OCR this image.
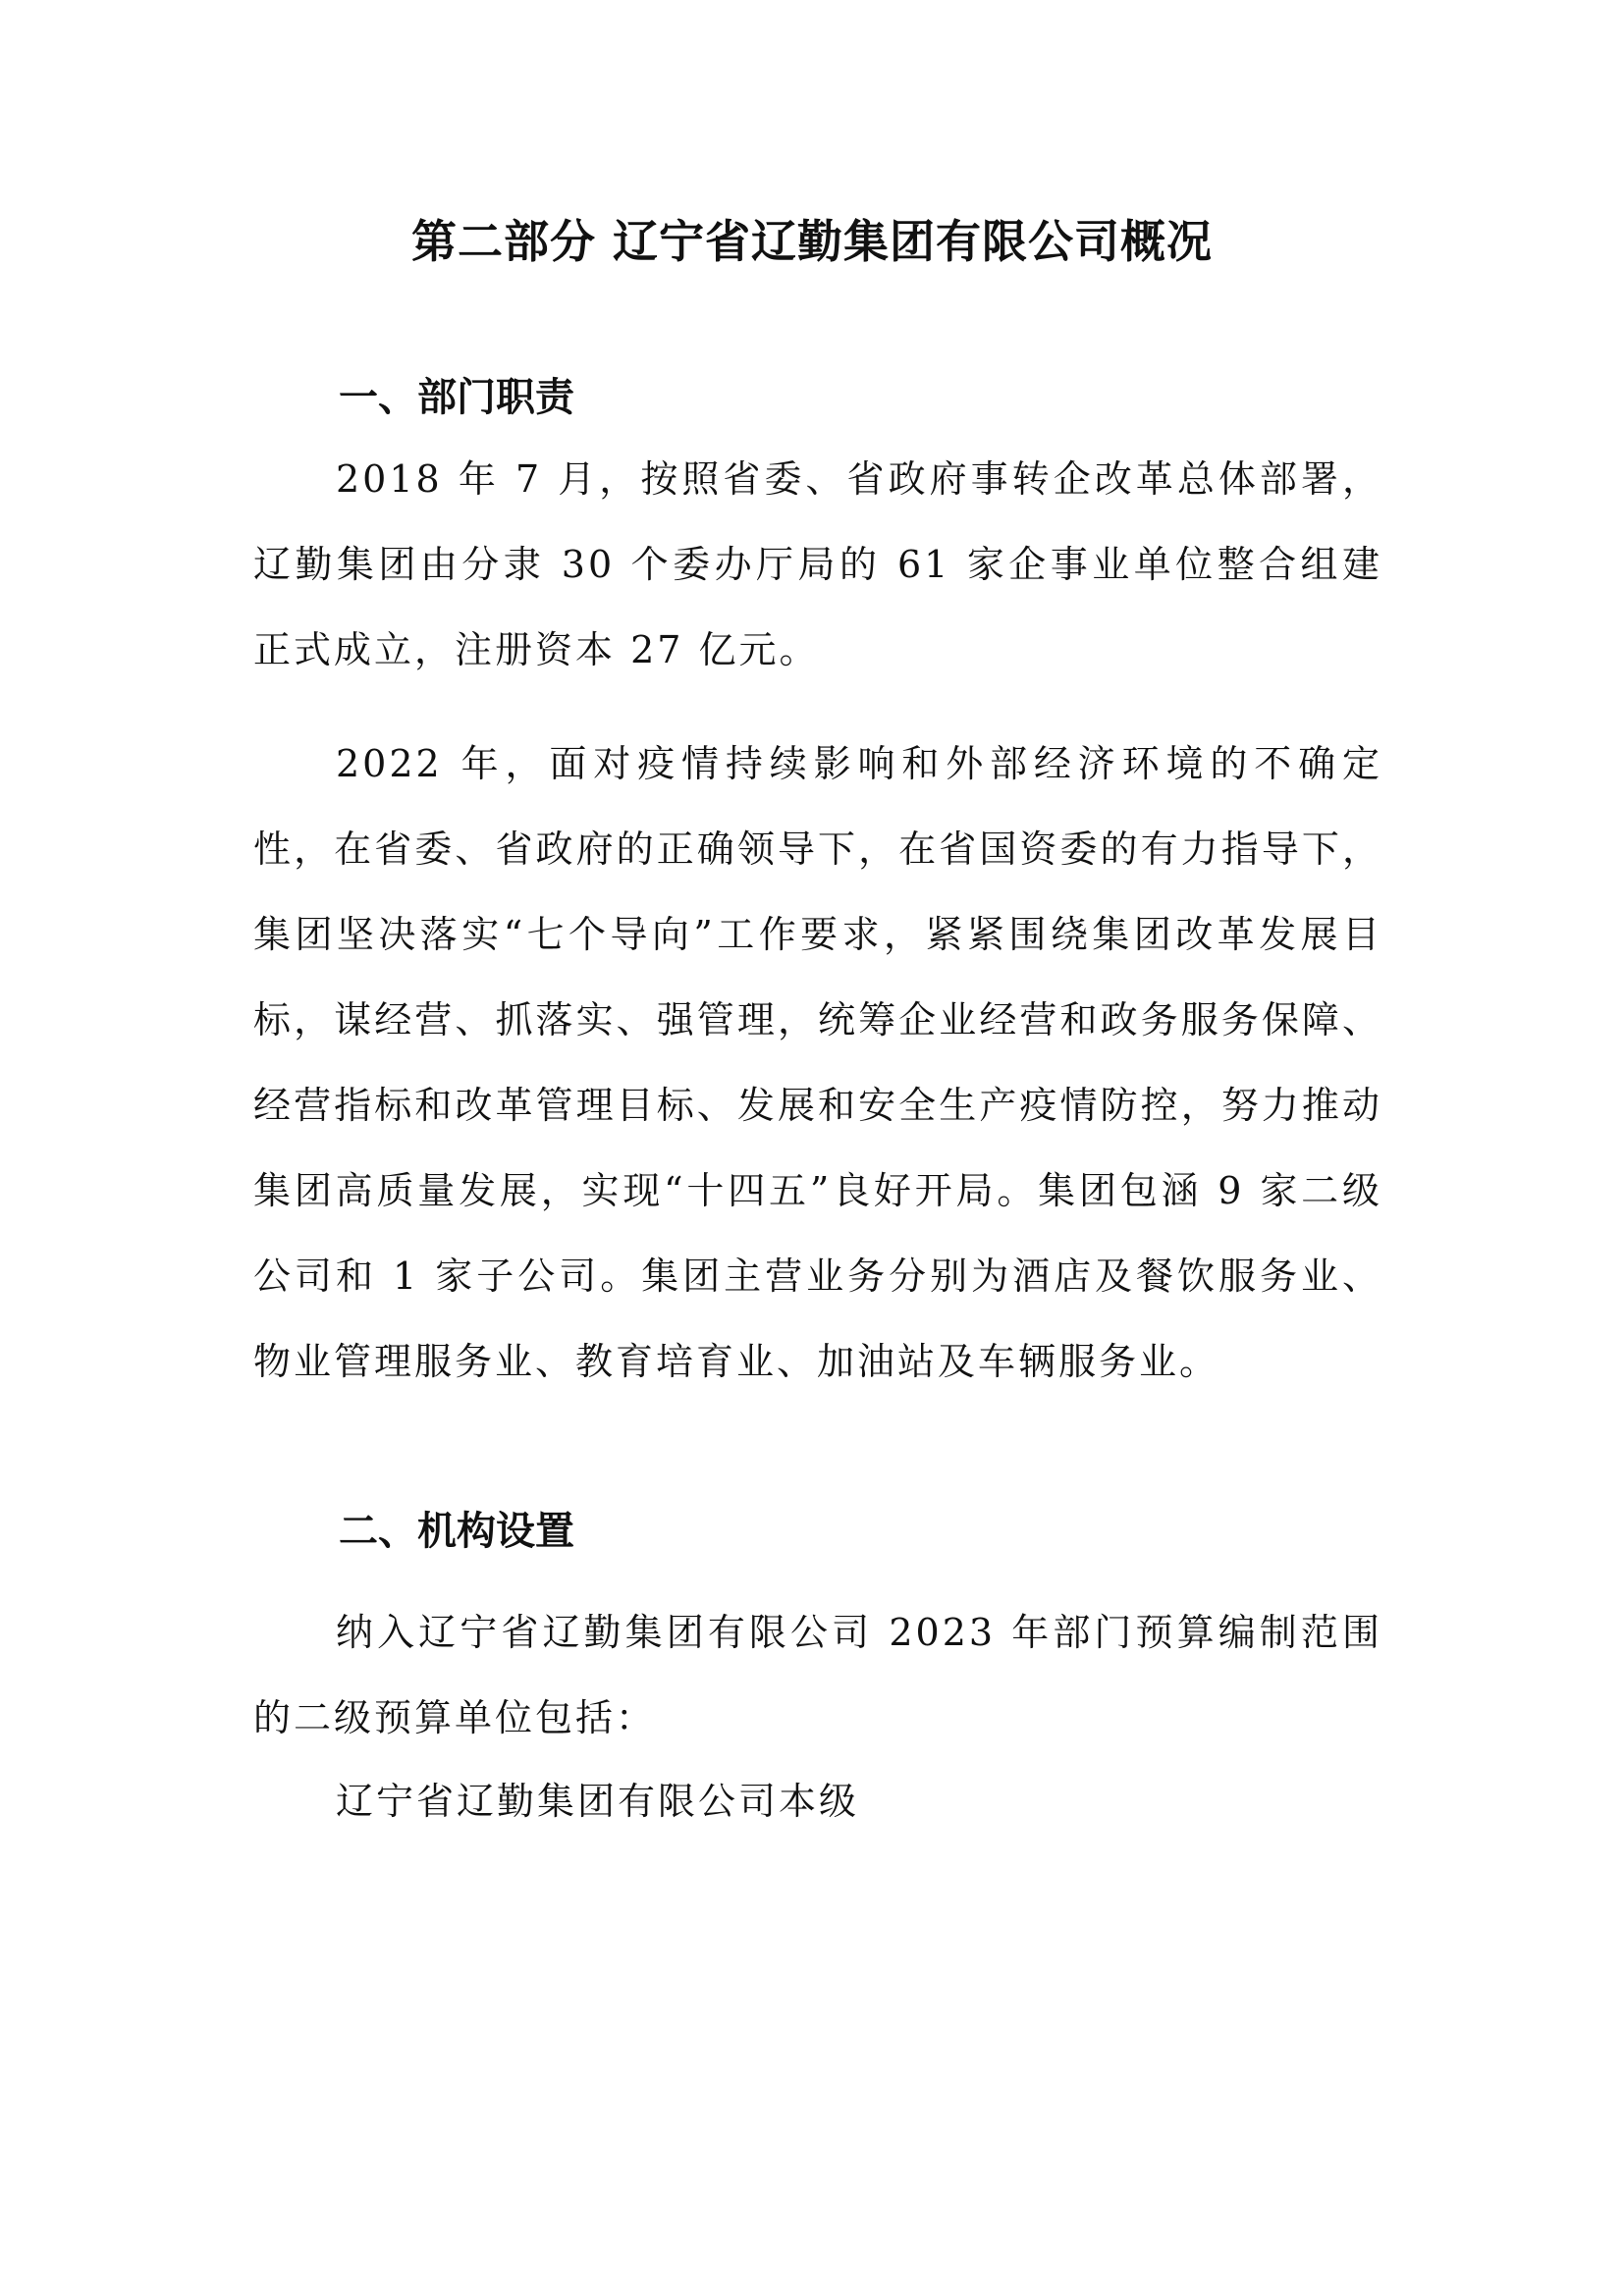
第二部分 辽宁省辽勤集团有限公司概况
一、部门职责

2018 年 7 月，按照省委、省政府事转企改革总体部署，辽勤集团由分隶 30 个委办厅局的 61 家企事业单位整合组建正式成立，注册资本 27 亿元。

2022 年，面对疫情持续影响和外部经济环境的不确定性，在省委、省政府的正确领导下，在省国资委的有力指导下，集团坚决落实“七个导向”工作要求，紧紧围绕集团改革发展目标，谋经营、抓落实、强管理，统筹企业经营和政务服务保障、经营指标和改革管理目标、发展和安全生产疫情防控，努力推动集团高质量发展，实现“十四五”良好开局。集团包涵 9 家二级公司和 1 家子公司。集团主营业务分别为酒店及餐饮服务业、物业管理服务业、教育培育业、加油站及车辆服务业。

二、机构设置

纳入辽宁省辽勤集团有限公司 2023 年部门预算编制范围的二级预算单位包括：

辽宁省辽勤集团有限公司本级
